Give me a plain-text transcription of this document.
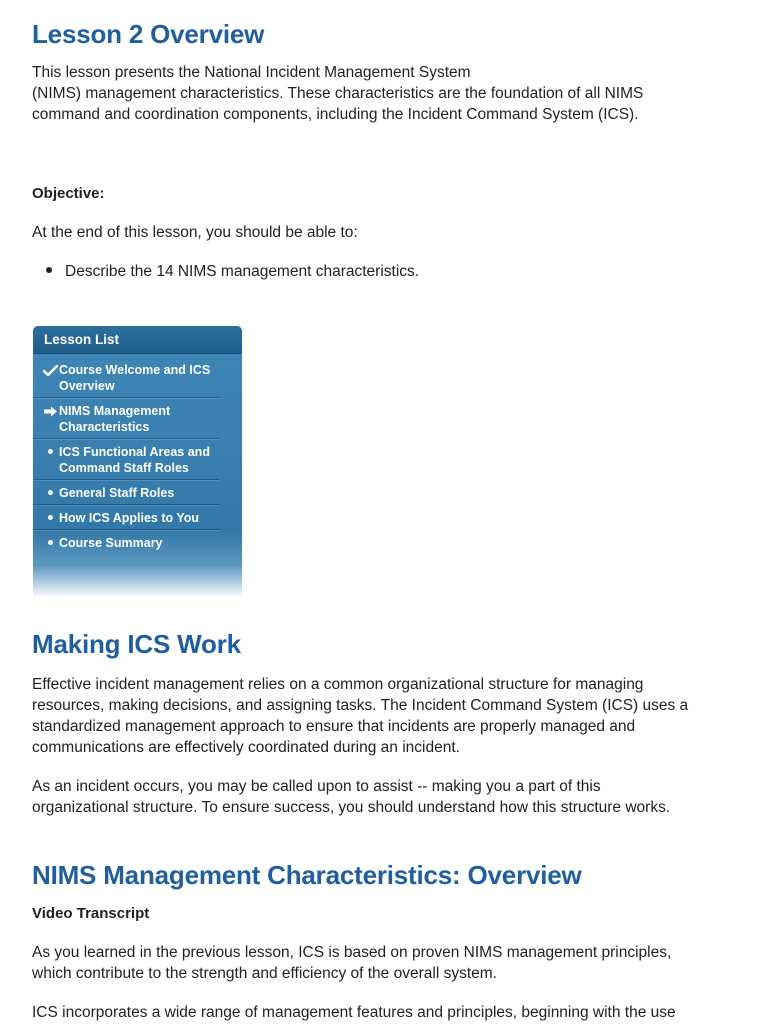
Lesson 2 Overview

This lesson presents the National Incident Management System
(NIMS) management characteristics. These characteristics are the foundation of all NIMS
command and coordination components, including the Incident Command System (ICS).

Objective:

At the end of this lesson, you should be able to:

Describe the 14 NIMS management characteristics.
Lesson List
Course Welcome and ICS
Overview
NIMS Management
Characteristics
ICS Functional Areas and
Command Staff Roles
General Staff Roles
How ICS Applies to You
Course Summary
Making ICS Work

Effective incident management relies on a common organizational structure for managing
resources, making decisions, and assigning tasks. The Incident Command System (ICS) uses a
standardized management approach to ensure that incidents are properly managed and
communications are effectively coordinated during an incident.

As an incident occurs, you may be called upon to assist -- making you a part of this
organizational structure. To ensure success, you should understand how this structure works.

NIMS Management Characteristics: Overview

Video Transcript

As you learned in the previous lesson, ICS is based on proven NIMS management principles,
which contribute to the strength and efficiency of the overall system.

ICS incorporates a wide range of management features and principles, beginning with the use
